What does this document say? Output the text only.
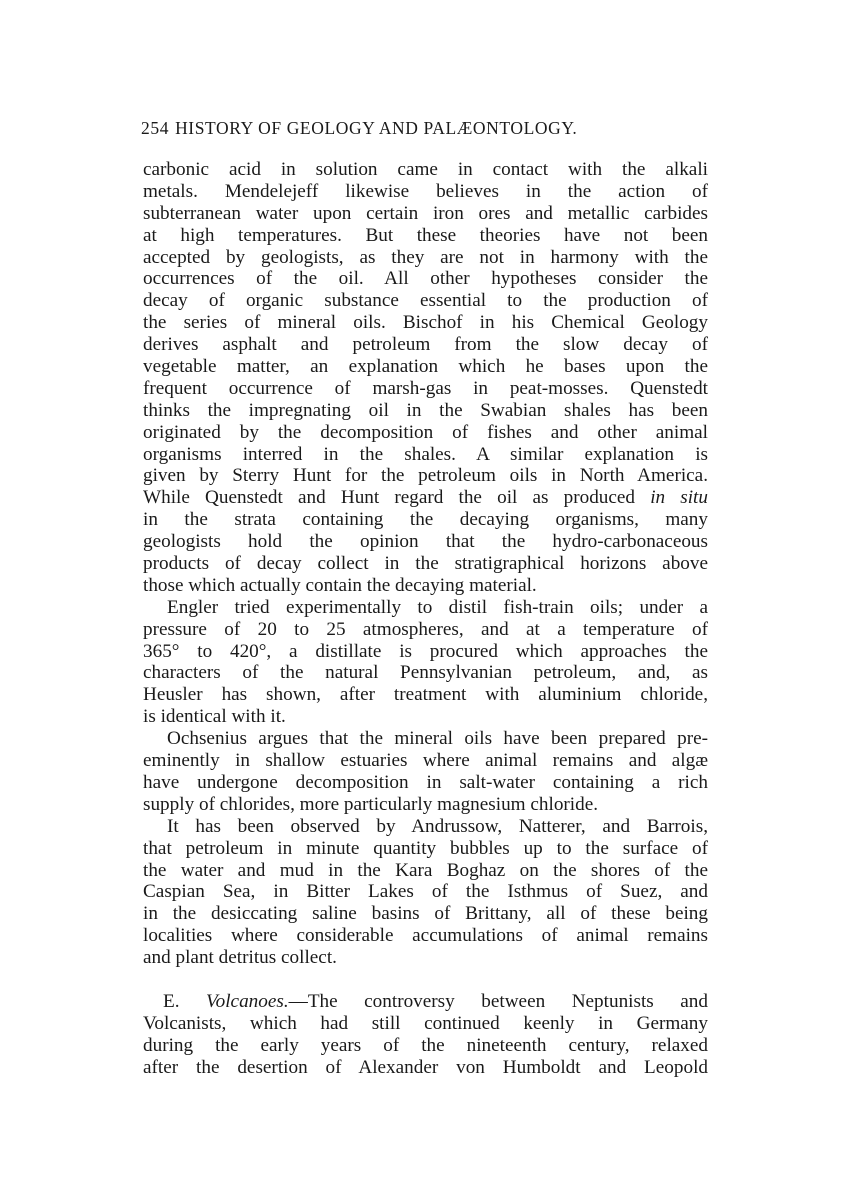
254 HISTORY OF GEOLOGY AND PALÆONTOLOGY.
carbonic acid in solution came in contact with the alkali
metals. Mendelejeff likewise believes in the action of
subterranean water upon certain iron ores and metallic carbides
at high temperatures. But these theories have not been
accepted by geologists, as they are not in harmony with the
occurrences of the oil. All other hypotheses consider the
decay of organic substance essential to the production of
the series of mineral oils. Bischof in his Chemical Geology
derives asphalt and petroleum from the slow decay of
vegetable matter, an explanation which he bases upon the
frequent occurrence of marsh-gas in peat-mosses. Quenstedt
thinks the impregnating oil in the Swabian shales has been
originated by the decomposition of fishes and other animal
organisms interred in the shales. A similar explanation is
given by Sterry Hunt for the petroleum oils in North America.
While Quenstedt and Hunt regard the oil as produced in situ
in the strata containing the decaying organisms, many
geologists hold the opinion that the hydro-carbonaceous
products of decay collect in the stratigraphical horizons above
those which actually contain the decaying material.
Engler tried experimentally to distil fish-train oils; under a
pressure of 20 to 25 atmospheres, and at a temperature of
365° to 420°, a distillate is procured which approaches the
characters of the natural Pennsylvanian petroleum, and, as
Heusler has shown, after treatment with aluminium chloride,
is identical with it.
Ochsenius argues that the mineral oils have been prepared pre-
eminently in shallow estuaries where animal remains and algæ
have undergone decomposition in salt-water containing a rich
supply of chlorides, more particularly magnesium chloride.
It has been observed by Andrussow, Natterer, and Barrois,
that petroleum in minute quantity bubbles up to the surface of
the water and mud in the Kara Boghaz on the shores of the
Caspian Sea, in Bitter Lakes of the Isthmus of Suez, and
in the desiccating saline basins of Brittany, all of these being
localities where considerable accumulations of animal remains
and plant detritus collect.
E. Volcanoes.—The controversy between Neptunists and
Volcanists, which had still continued keenly in Germany
during the early years of the nineteenth century, relaxed
after the desertion of Alexander von Humboldt and Leopold
